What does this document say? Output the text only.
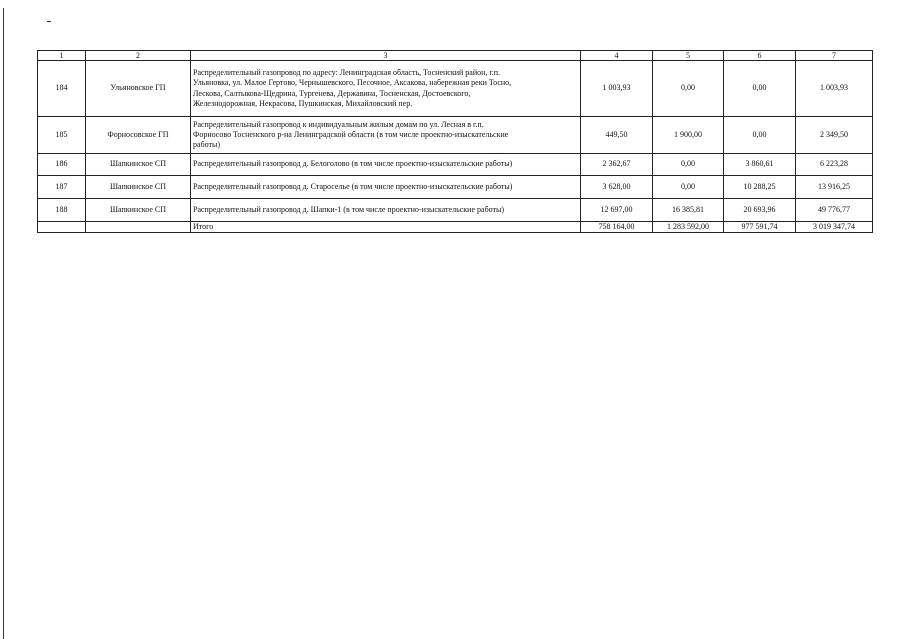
1	2	3	4	5	6	7
184	Ульяновское ГП	Распределительный газопровод по адресу: Ленинградская область, Тосненский район, г.п.
Ульяновка, ул. Малое Гертово, Чернышевского, Песочное, Аксакова, набережная реки Тосно,
Лескова, Салтыкова-Щедрина, Тургенева, Державина, Тосненская, Достоевского,
Железнодорожная, Некрасова, Пушкинская, Михайловский пер.	1 003,93	0,00	0,00	1 003,93
185	Форносовское ГП	Распределительный газопровод к индивидуальным жилым домам по ул. Лесная в г.п.
Форносово Тосненского р-на Ленинградской области (в том числе проектно-изыскательские
работы)	449,50	1 900,00	0,00	2 349,50
186	Шапкинское СП	Распределительный газопровод д. Белоголово (в том числе проектно-изыскательские работы)	2 362,67	0,00	3 860,61	6 223,28
187	Шапкинское СП	Распределительный газопровод д. Староселье (в том числе проектно-изыскательские работы)	3 628,00	0,00	10 288,25	13 916,25
188	Шапкинское СП	Распределительный газопровод д. Шапки-1 (в том числе проектно-изыскательские работы)	12 697,00	16 385,81	20 693,96	49 776,77
		Итого	758 164,00	1 283 592,00	977 591,74	3 019 347,74
